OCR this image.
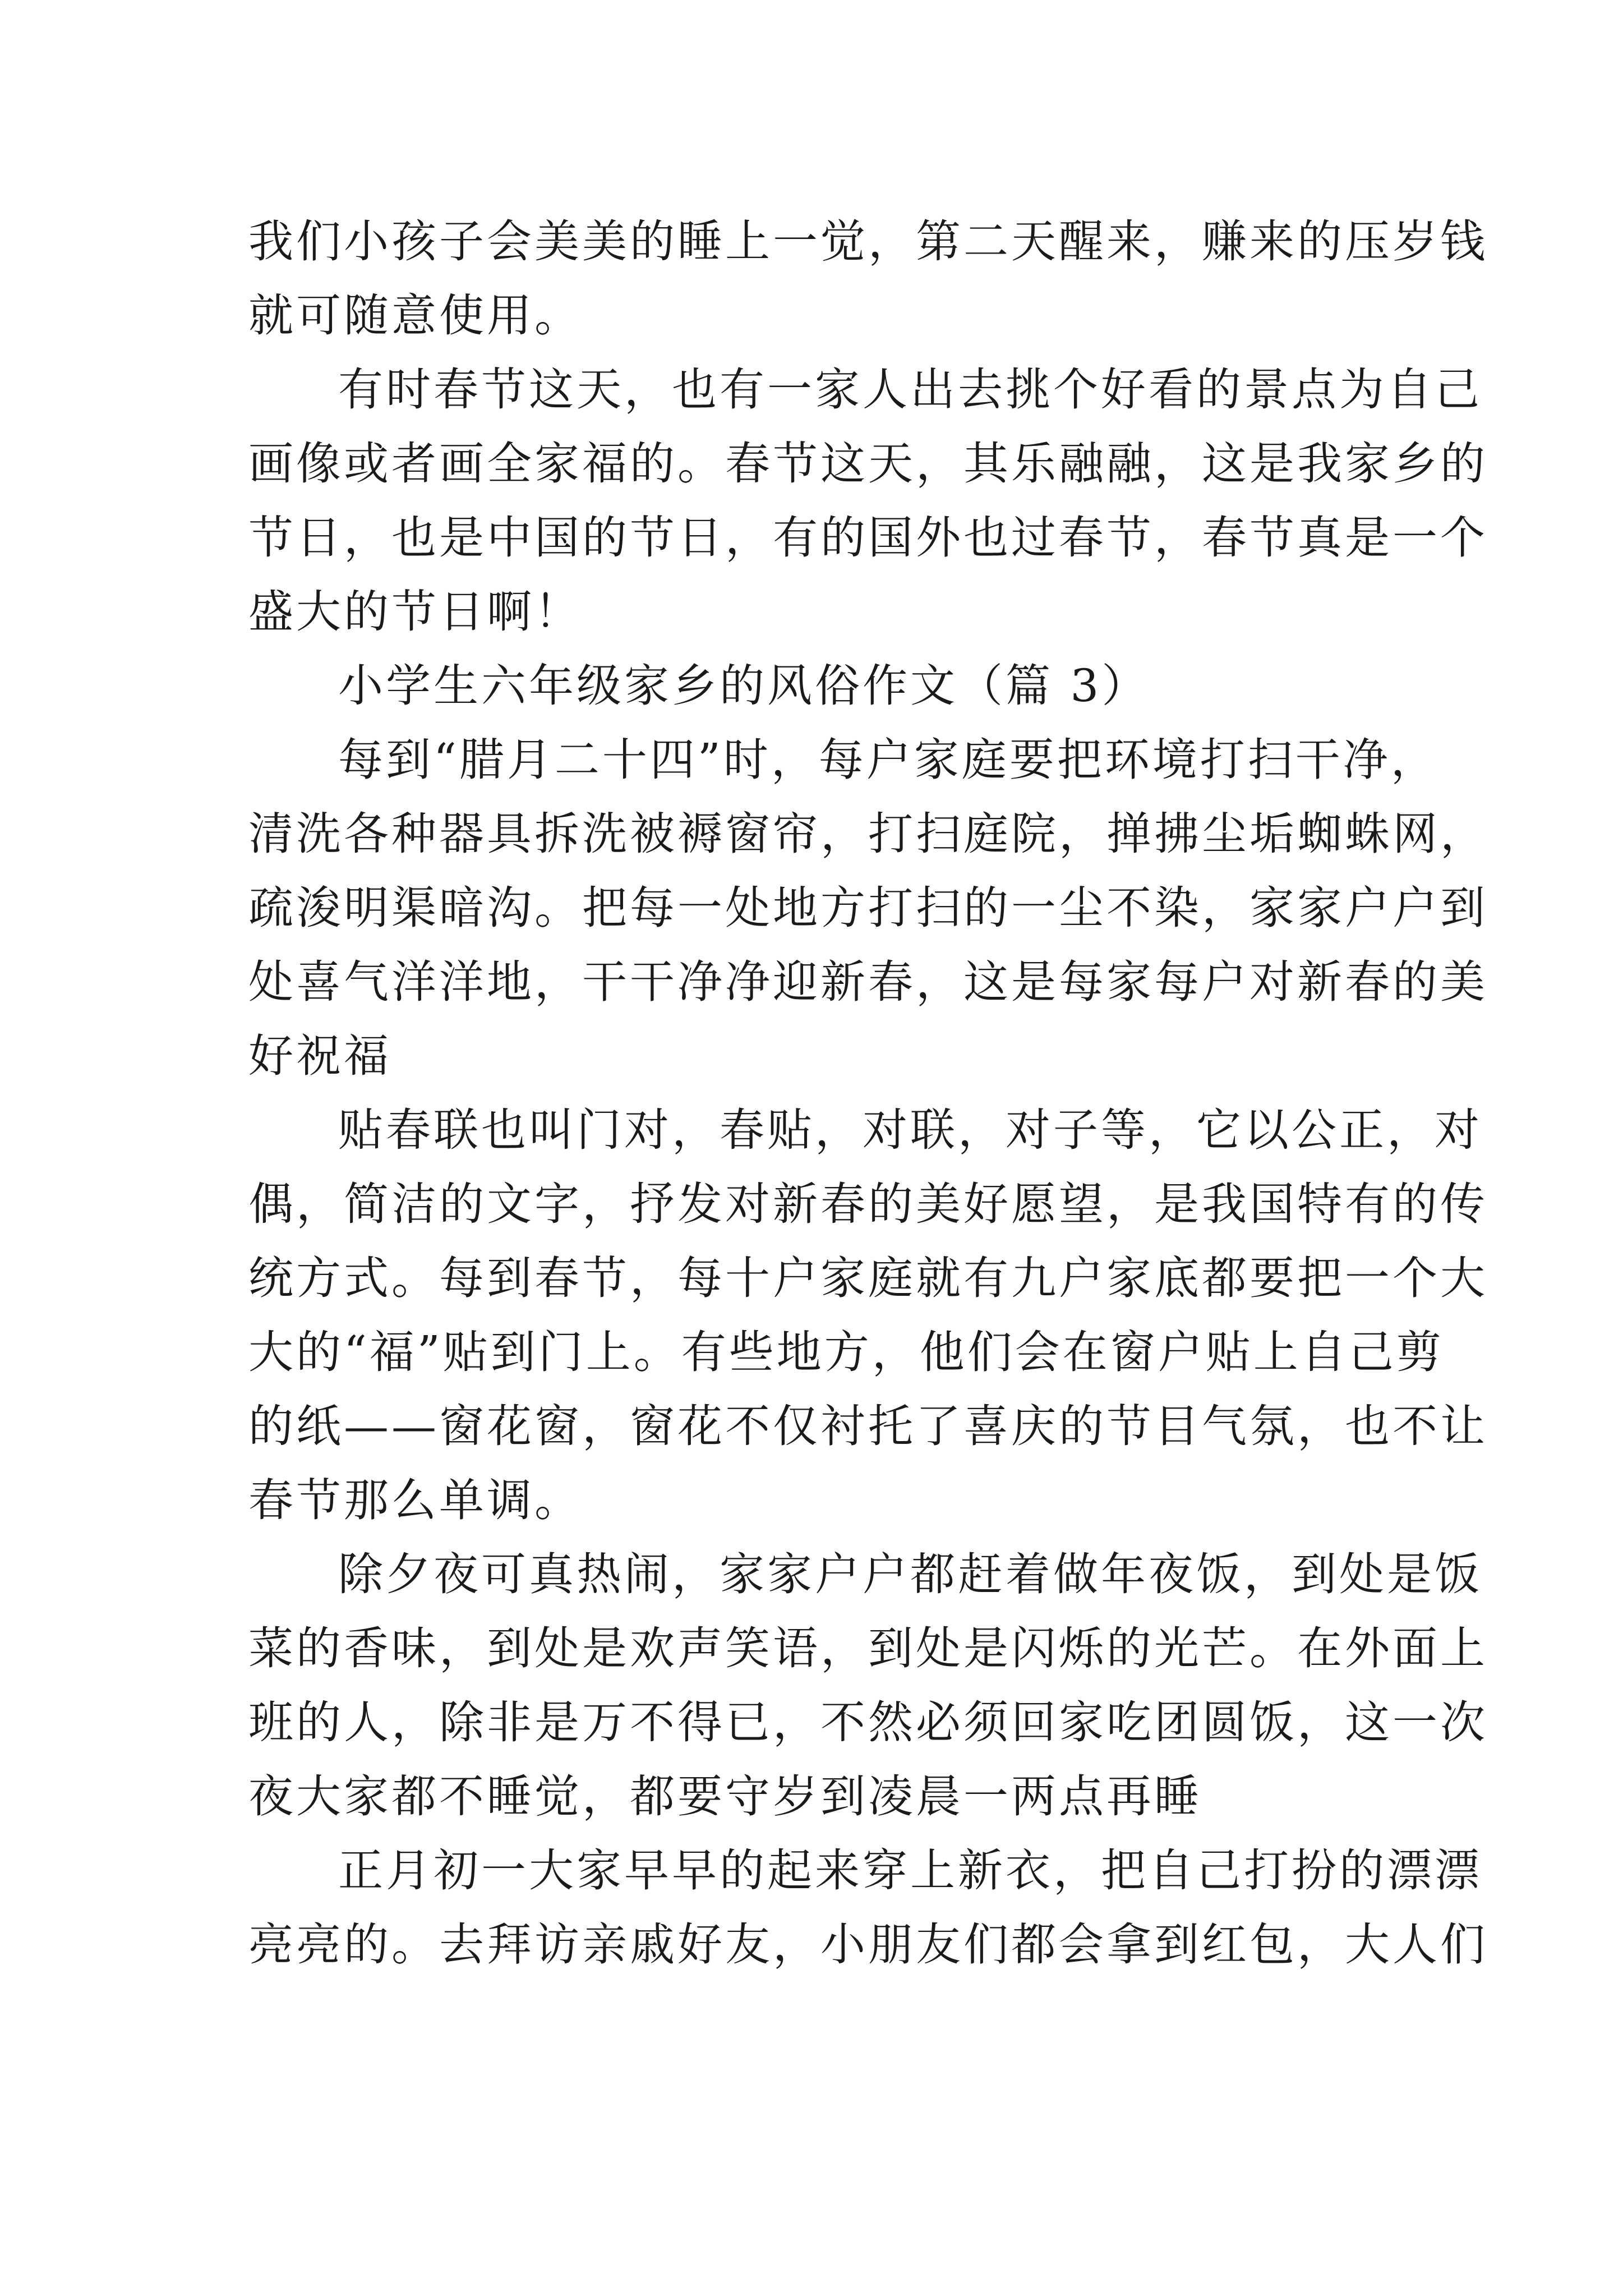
我们小孩子会美美的睡上一觉，第二天醒来，赚来的压岁钱
就可随意使用。
有时春节这天，也有一家人出去挑个好看的景点为自己
画像或者画全家福的。春节这天，其乐融融，这是我家乡的
节日，也是中国的节日，有的国外也过春节，春节真是一个
盛大的节日啊！
小学生六年级家乡的风俗作文（篇 3）
每到“腊月二十四”时，每户家庭要把环境打扫干净，
清洗各种器具拆洗被褥窗帘，打扫庭院，掸拂尘垢蜘蛛网，
疏浚明渠暗沟。把每一处地方打扫的一尘不染，家家户户到
处喜气洋洋地，干干净净迎新春，这是每家每户对新春的美
好祝福
贴春联也叫门对，春贴，对联，对子等，它以公正，对
偶，简洁的文字，抒发对新春的美好愿望，是我国特有的传
统方式。每到春节，每十户家庭就有九户家底都要把一个大
大的“福”贴到门上。有些地方，他们会在窗户贴上自己剪
的纸——窗花窗，窗花不仅衬托了喜庆的节目气氛，也不让
春节那么单调。
除夕夜可真热闹，家家户户都赶着做年夜饭，到处是饭
菜的香味，到处是欢声笑语，到处是闪烁的光芒。在外面上
班的人，除非是万不得已，不然必须回家吃团圆饭，这一次
夜大家都不睡觉，都要守岁到凌晨一两点再睡
正月初一大家早早的起来穿上新衣，把自己打扮的漂漂
亮亮的。去拜访亲戚好友，小朋友们都会拿到红包，大人们
